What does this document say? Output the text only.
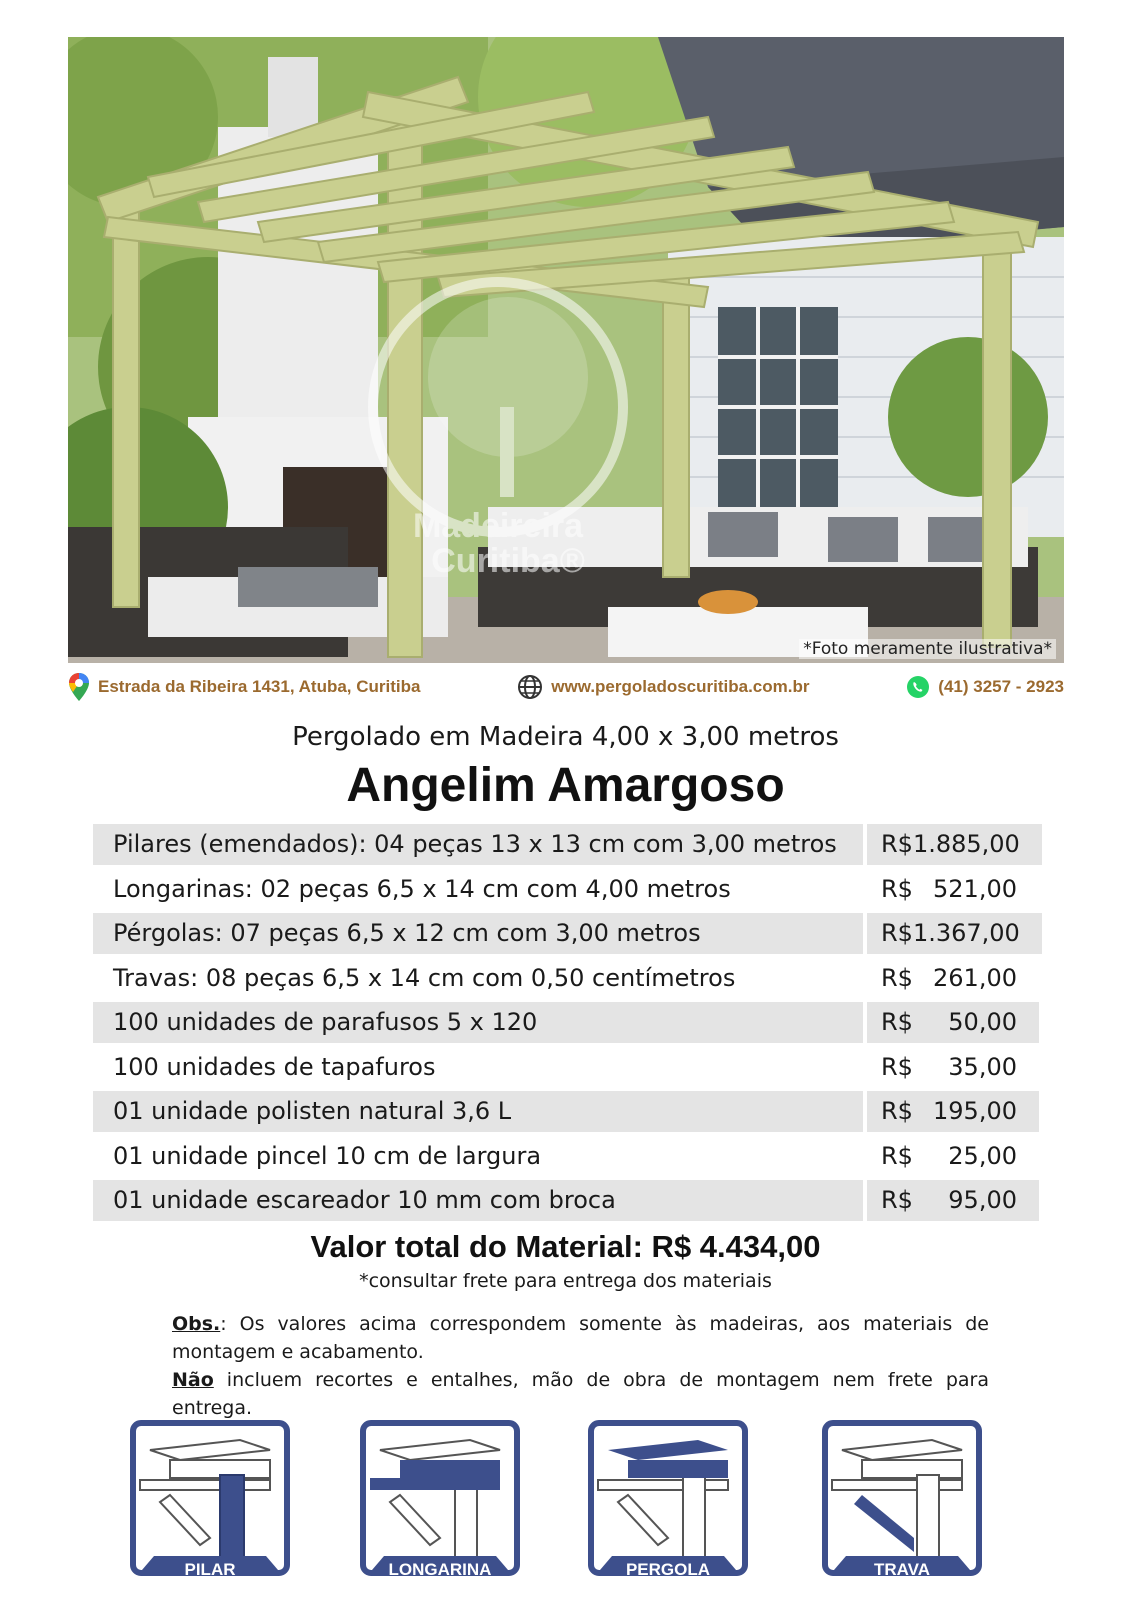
Madeireira
Curitiba®
*Foto meramente ilustrativa*
Estrada da Ribeira 1431, Atuba, Curitiba	www.pergoladoscuritiba.com.br	(41) 3257 - 2923
Pergolado em Madeira 4,00 x 3,00 metros
Angelim Amargoso
Pilares (emendados): 04 peças 13 x 13 cm com 3,00 metros	R$ 1.885,00
Longarinas: 02 peças 6,5 x 14 cm com 4,00 metros	R$ 521,00
Pérgolas: 07 peças 6,5 x 12 cm com 3,00 metros	R$ 1.367,00
Travas: 08 peças 6,5 x 14 cm com 0,50 centímetros	R$ 261,00
100 unidades de parafusos 5 x 120	R$ 50,00
100 unidades de tapafuros	R$ 35,00
01 unidade polisten natural 3,6 L	R$ 195,00
01 unidade pincel 10 cm de largura	R$ 25,00
01 unidade escareador 10 mm com broca	R$ 95,00
Valor total do Material: R$ 4.434,00
*consultar frete para entrega dos materiais

Obs.: Os valores acima correspondem somente às madeiras, aos materiais de montagem e acabamento.

Não incluem recortes e entalhes, mão de obra de montagem nem frete para entrega.

PILAR	LONGARINA	PERGOLA	TRAVA
